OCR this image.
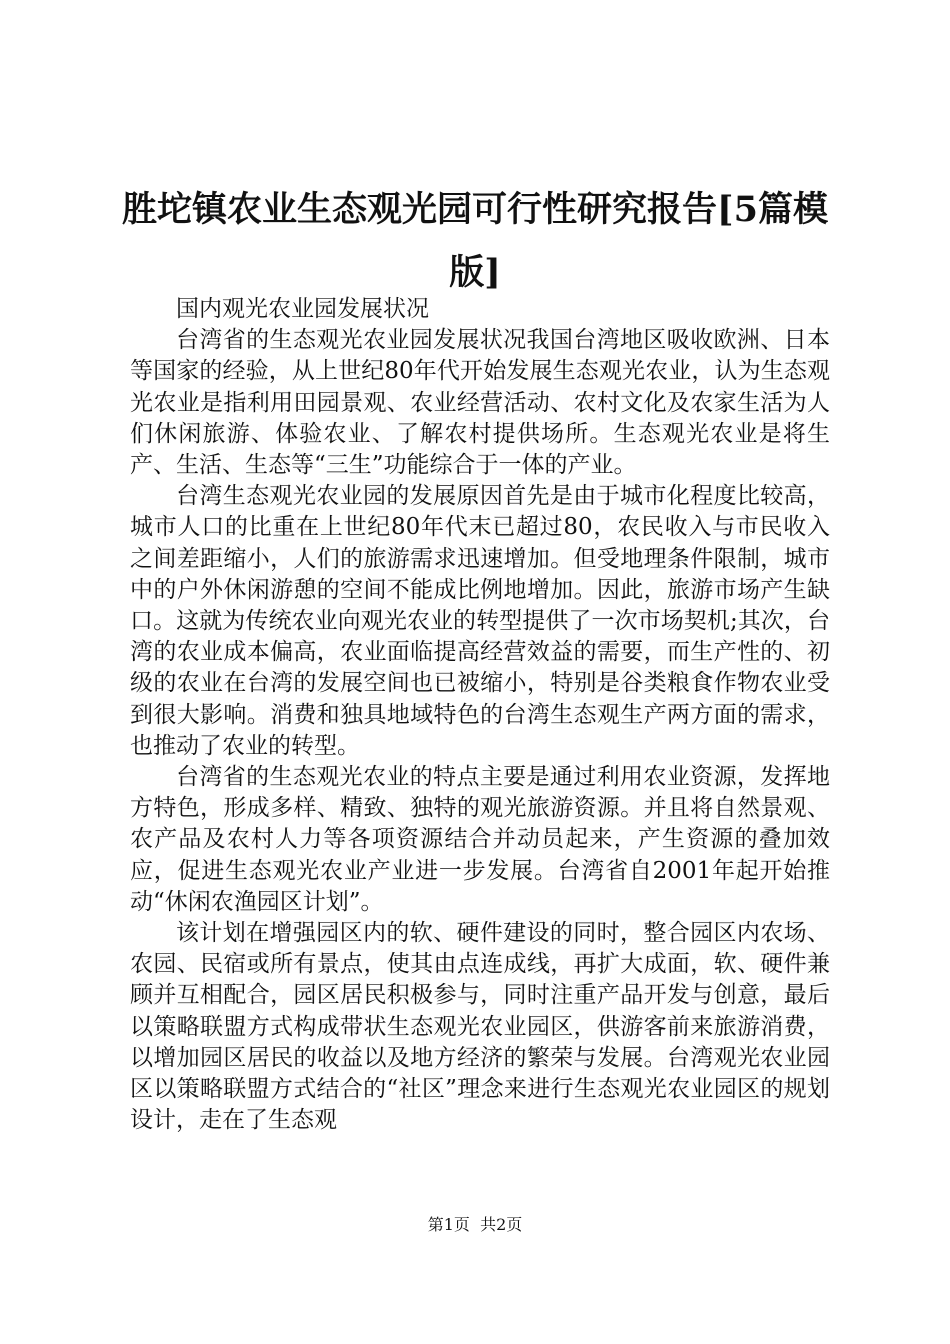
胜坨镇农业生态观光园可行性研究报告[5篇模版]

国内观光农业园发展状况

台湾省的生态观光农业园发展状况我国台湾地区吸收欧洲、日本等国家的经验，从上世纪80年代开始发展生态观光农业，认为生态观光农业是指利用田园景观、农业经营活动、农村文化及农家生活为人们休闲旅游、体验农业、了解农村提供场所。生态观光农业是将生产、生活、生态等“三生”功能综合于一体的产业。

台湾生态观光农业园的发展原因首先是由于城市化程度比较高，城市人口的比重在上世纪80年代末已超过80，农民收入与市民收入之间差距缩小，人们的旅游需求迅速增加。但受地理条件限制，城市中的户外休闲游憩的空间不能成比例地增加。因此，旅游市场产生缺口。这就为传统农业向观光农业的转型提供了一次市场契机;其次，台湾的农业成本偏高，农业面临提高经营效益的需要，而生产性的、初级的农业在台湾的发展空间也已被缩小，特别是谷类粮食作物农业受到很大影响。消费和独具地域特色的台湾生态观生产两方面的需求，也推动了农业的转型。

台湾省的生态观光农业的特点主要是通过利用农业资源，发挥地方特色，形成多样、精致、独特的观光旅游资源。并且将自然景观、农产品及农村人力等各项资源结合并动员起来，产生资源的叠加效应，促进生态观光农业产业进一步发展。台湾省自2001年起开始推动“休闲农渔园区计划”。

该计划在增强园区内的软、硬件建设的同时，整合园区内农场、农园、民宿或所有景点，使其由点连成线，再扩大成面，软、硬件兼顾并互相配合，园区居民积极参与，同时注重产品开发与创意，最后以策略联盟方式构成带状生态观光农业园区，供游客前来旅游消费，以增加园区居民的收益以及地方经济的繁荣与发展。台湾观光农业园区以策略联盟方式结合的“社区”理念来进行生态观光农业园区的规划设计，走在了生态观

第1页 共2页
